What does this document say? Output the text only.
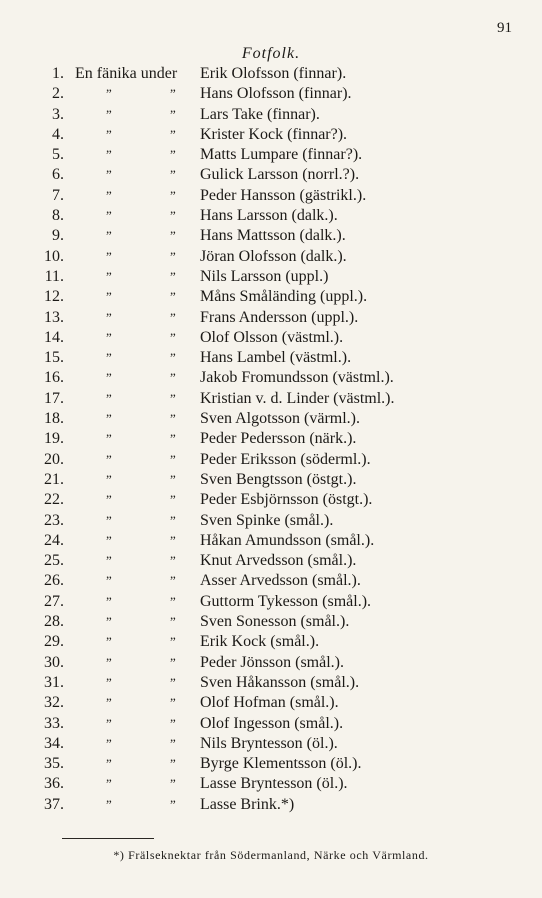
91
Fotfolk.
1. En fänika under	Erik Olofsson (finnar).
2.	”	” Hans Olofsson (finnar).
3.	”	” Lars Take (finnar).
4.	”	” Krister Kock (finnar?).
5.	”	” Matts Lumpare (finnar?).
6.	”	” Gulick Larsson (norrl.?).
7.	”	” Peder Hansson (gästrikl.).
8.	”	” Hans Larsson (dalk.).
9.	”	” Hans Mattsson (dalk.).
10.	”	” Jöran Olofsson (dalk.).
11.	”	” Nils Larsson (uppl.)
12.	”	” Måns Småländing (uppl.).
13.	”	” Frans Andersson (uppl.).
14.	”	” Olof Olsson (västml.).
15.	”	” Hans Lambel (västml.).
16.	”	” Jakob Fromundsson (västml.).
17.	”	” Kristian v. d. Linder (västml.).
18.	”	” Sven Algotsson (värml.).
19.	”	” Peder Pedersson (närk.).
20.	”	” Peder Eriksson (söderml.).
21.	”	” Sven Bengtsson (östgt.).
22.	”	” Peder Esbjörnsson (östgt.).
23.	”	” Sven Spinke (smål.).
24.	”	” Håkan Amundsson (smål.).
25.	”	” Knut Arvedsson (smål.).
26.	”	” Asser Arvedsson (smål.).
27.	”	” Guttorm Tykesson (smål.).
28.	”	” Sven Sonesson (smål.).
29.	”	” Erik Kock (smål.).
30.	”	” Peder Jönsson (smål.).
31.	”	” Sven Håkansson (smål.).
32.	”	” Olof Hofman (smål.).
33.	”	” Olof Ingesson (smål.).
34.	”	” Nils Bryntesson (öl.).
35.	”	” Byrge Klementsson (öl.).
36.	”	” Lasse Bryntesson (öl.).
37.	”	” Lasse Brink.*)
*) Frälseknektar från Södermanland, Närke och Värmland.
